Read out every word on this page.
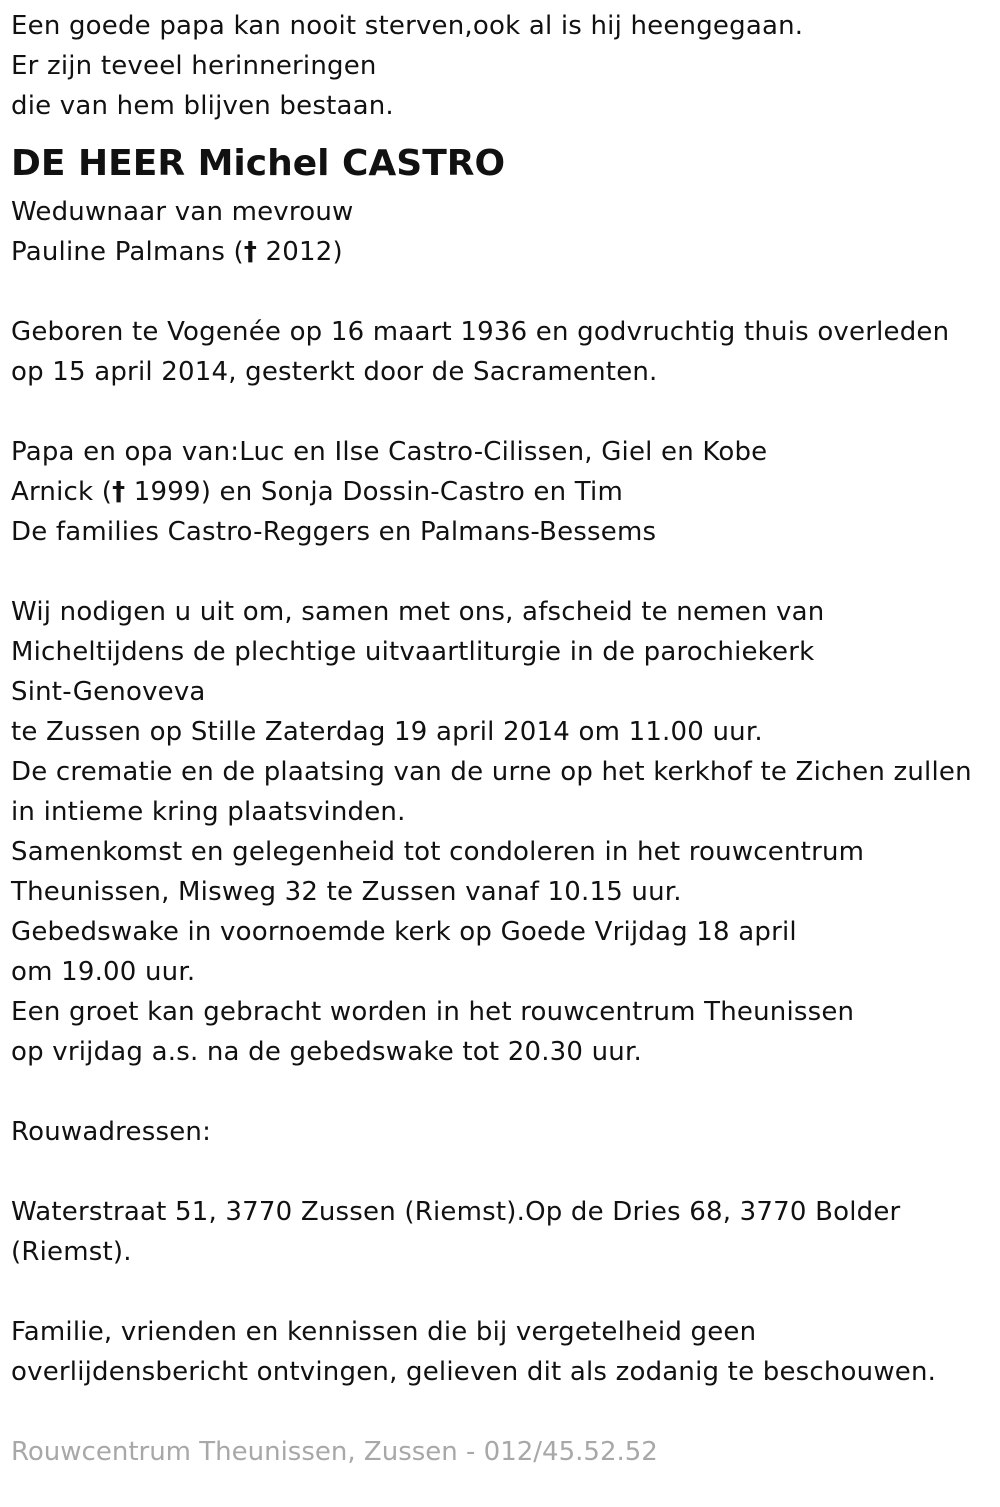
Een goede papa kan nooit sterven,ook al is hij heengegaan.
Er zijn teveel herinneringen
die van hem blijven bestaan.
DE HEER Michel CASTRO
Weduwnaar van mevrouw
Pauline Palmans († 2012)
Geboren te Vogenée op 16 maart 1936 en godvruchtig thuis overleden
op 15 april 2014, gesterkt door de Sacramenten.
Papa en opa van:Luc en Ilse Castro-Cilissen, Giel en Kobe
Arnick († 1999) en Sonja Dossin-Castro en Tim
De families Castro-Reggers en Palmans-Bessems
Wij nodigen u uit om, samen met ons, afscheid te nemen van
Micheltijdens de plechtige uitvaartliturgie in de parochiekerk
Sint-Genoveva
te Zussen op Stille Zaterdag 19 april 2014 om 11.00 uur.
De crematie en de plaatsing van de urne op het kerkhof te Zichen zullen
in intieme kring plaatsvinden.
Samenkomst en gelegenheid tot condoleren in het rouwcentrum
Theunissen, Misweg 32 te Zussen vanaf 10.15 uur.
Gebedswake in voornoemde kerk op Goede Vrijdag 18 april
om 19.00 uur.
Een groet kan gebracht worden in het rouwcentrum Theunissen
op vrijdag a.s. na de gebedswake tot 20.30 uur.
Rouwadressen:
Waterstraat 51, 3770 Zussen (Riemst).Op de Dries 68, 3770 Bolder
(Riemst).
Familie, vrienden en kennissen die bij vergetelheid geen
overlijdensbericht ontvingen, gelieven dit als zodanig te beschouwen.
Rouwcentrum Theunissen, Zussen - 012/45.52.52
